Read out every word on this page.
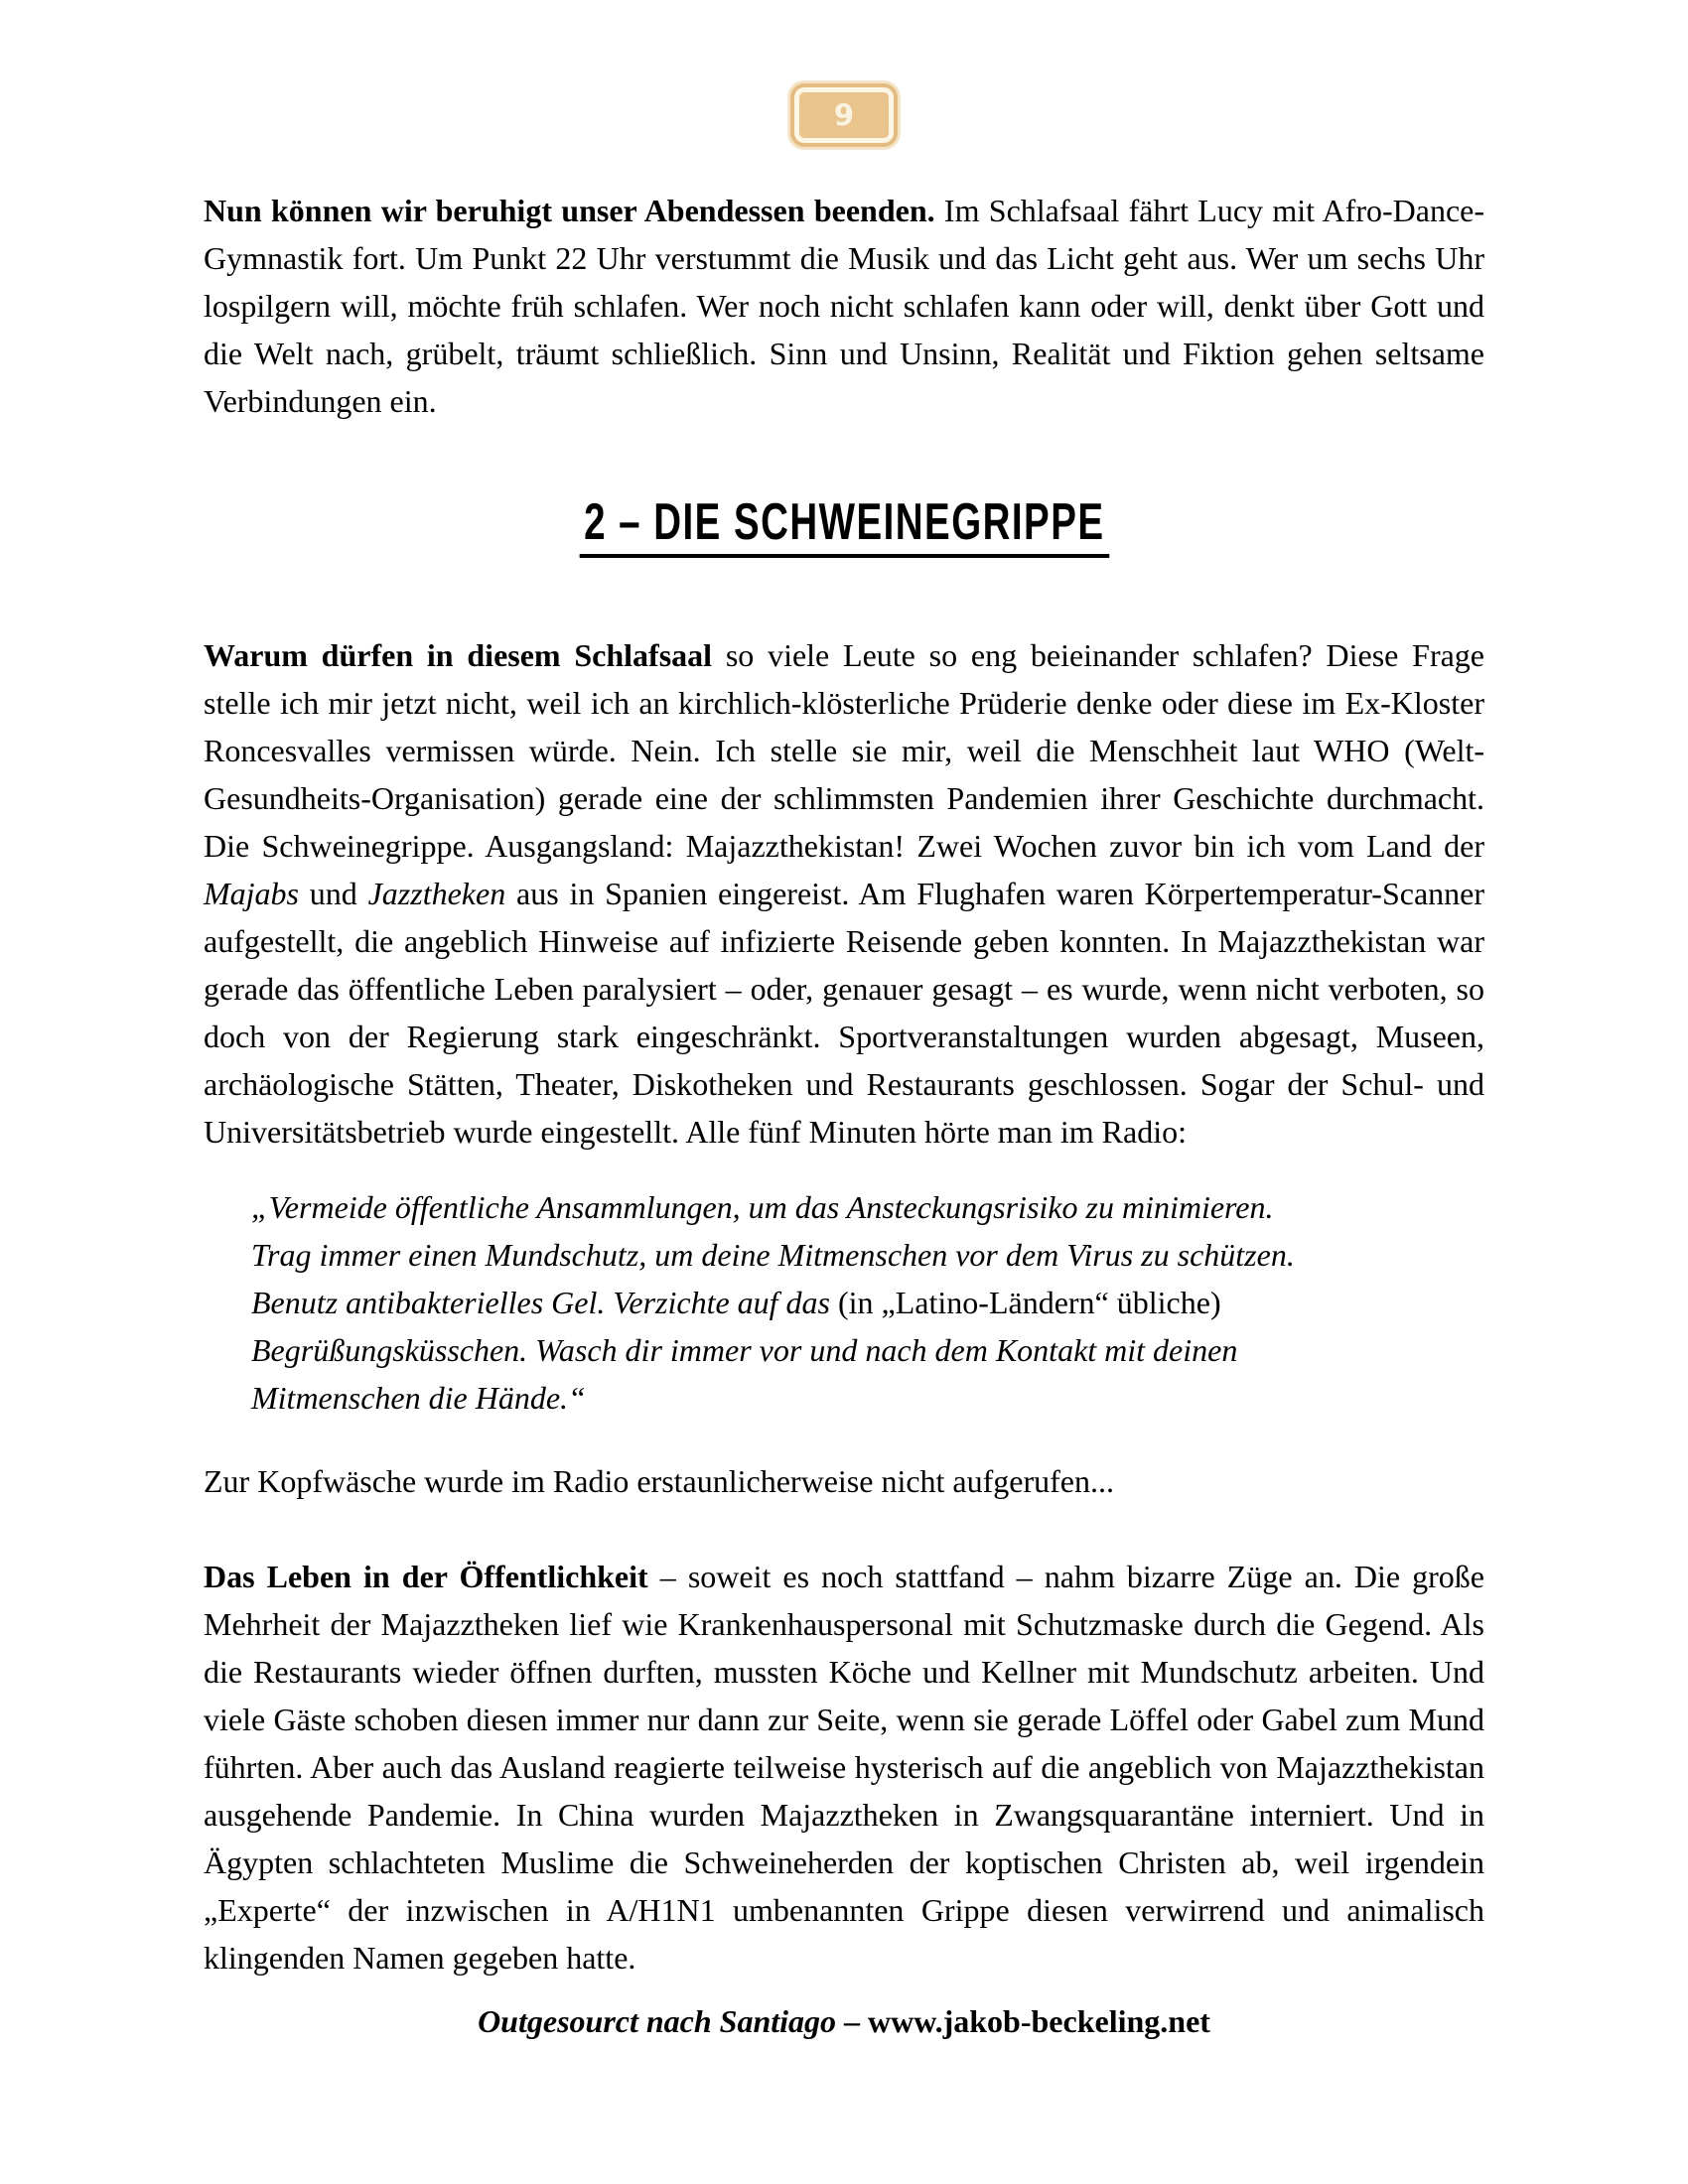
9

Nun können wir beruhigt unser Abendessen beenden. Im Schlafsaal fährt Lucy mit Afro-Dance-Gymnastik fort. Um Punkt 22 Uhr verstummt die Musik und das Licht geht aus. Wer um sechs Uhr lospilgern will, möchte früh schlafen. Wer noch nicht schlafen kann oder will, denkt über Gott und die Welt nach, grübelt, träumt schließlich. Sinn und Unsinn, Realität und Fiktion gehen seltsame Verbindungen ein.

2 – DIE SCHWEINEGRIPPE

Warum dürfen in diesem Schlafsaal so viele Leute so eng beieinander schlafen? Diese Frage stelle ich mir jetzt nicht, weil ich an kirchlich-klösterliche Prüderie denke oder diese im Ex-Kloster Roncesvalles vermissen würde. Nein. Ich stelle sie mir, weil die Menschheit laut WHO (Welt-Gesundheits-Organisation) gerade eine der schlimmsten Pandemien ihrer Geschichte durchmacht. Die Schweinegrippe. Ausgangsland: Majazzthekistan! Zwei Wochen zuvor bin ich vom Land der Majabs und Jazztheken aus in Spanien eingereist. Am Flughafen waren Körpertemperatur-Scanner aufgestellt, die angeblich Hinweise auf infizierte Reisende geben konnten. In Majazzthekistan war gerade das öffentliche Leben paralysiert – oder, genauer gesagt – es wurde, wenn nicht verboten, so doch von der Regierung stark eingeschränkt. Sportveranstaltungen wurden abgesagt, Museen, archäologische Stätten, Theater, Diskotheken und Restaurants geschlossen. Sogar der Schul- und Universitätsbetrieb wurde eingestellt. Alle fünf Minuten hörte man im Radio:

„Vermeide öffentliche Ansammlungen, um das Ansteckungsrisiko zu minimieren.
Trag immer einen Mundschutz, um deine Mitmenschen vor dem Virus zu schützen.
Benutz antibakterielles Gel. Verzichte auf das (in „Latino-Ländern“ übliche)
Begrüßungsküsschen. Wasch dir immer vor und nach dem Kontakt mit deinen
Mitmenschen die Hände.“

Zur Kopfwäsche wurde im Radio erstaunlicherweise nicht aufgerufen...

Das Leben in der Öffentlichkeit – soweit es noch stattfand – nahm bizarre Züge an. Die große Mehrheit der Majazztheken lief wie Krankenhauspersonal mit Schutzmaske durch die Gegend. Als die Restaurants wieder öffnen durften, mussten Köche und Kellner mit Mundschutz arbeiten. Und viele Gäste schoben diesen immer nur dann zur Seite, wenn sie gerade Löffel oder Gabel zum Mund führten. Aber auch das Ausland reagierte teilweise hysterisch auf die angeblich von Majazzthekistan ausgehende Pandemie. In China wurden Majazztheken in Zwangsquarantäne interniert. Und in Ägypten schlachteten Muslime die Schweineherden der koptischen Christen ab, weil irgendein „Experte“ der inzwischen in A/H1N1 umbenannten Grippe diesen verwirrend und animalisch klingenden Namen gegeben hatte.

Outgesourct nach Santiago – www.jakob-beckeling.net
